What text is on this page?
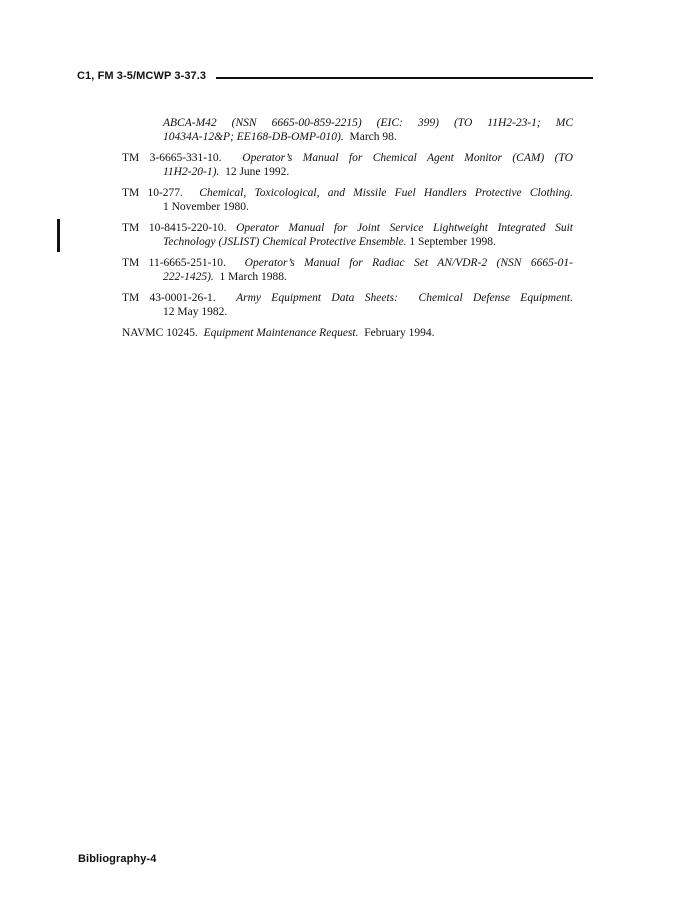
C1, FM 3-5/MCWP 3-37.3
ABCA-M42 (NSN 6665-00-859-2215) (EIC: 399) (TO 11H2-23-1; MC
10434A-12&P; EE168-DB-OMP-010).  March 98.
TM 3-6665-331-10.  Operator’s Manual for Chemical Agent Monitor (CAM) (TO
11H2-20-1).  12 June 1992.
TM 10-277.  Chemical, Toxicological, and Missile Fuel Handlers Protective Clothing.
1 November 1980.
TM 10-8415-220-10. Operator Manual for Joint Service Lightweight Integrated Suit
Technology (JSLIST) Chemical Protective Ensemble. 1 September 1998.
TM 11-6665-251-10.  Operator’s Manual for Radiac Set AN/VDR-2 (NSN 6665-01-
222-1425).  1 March 1988.
TM 43-0001-26-1.  Army Equipment Data Sheets:  Chemical Defense Equipment.
12 May 1982.
NAVMC 10245.  Equipment Maintenance Request.  February 1994.
Bibliography-4
